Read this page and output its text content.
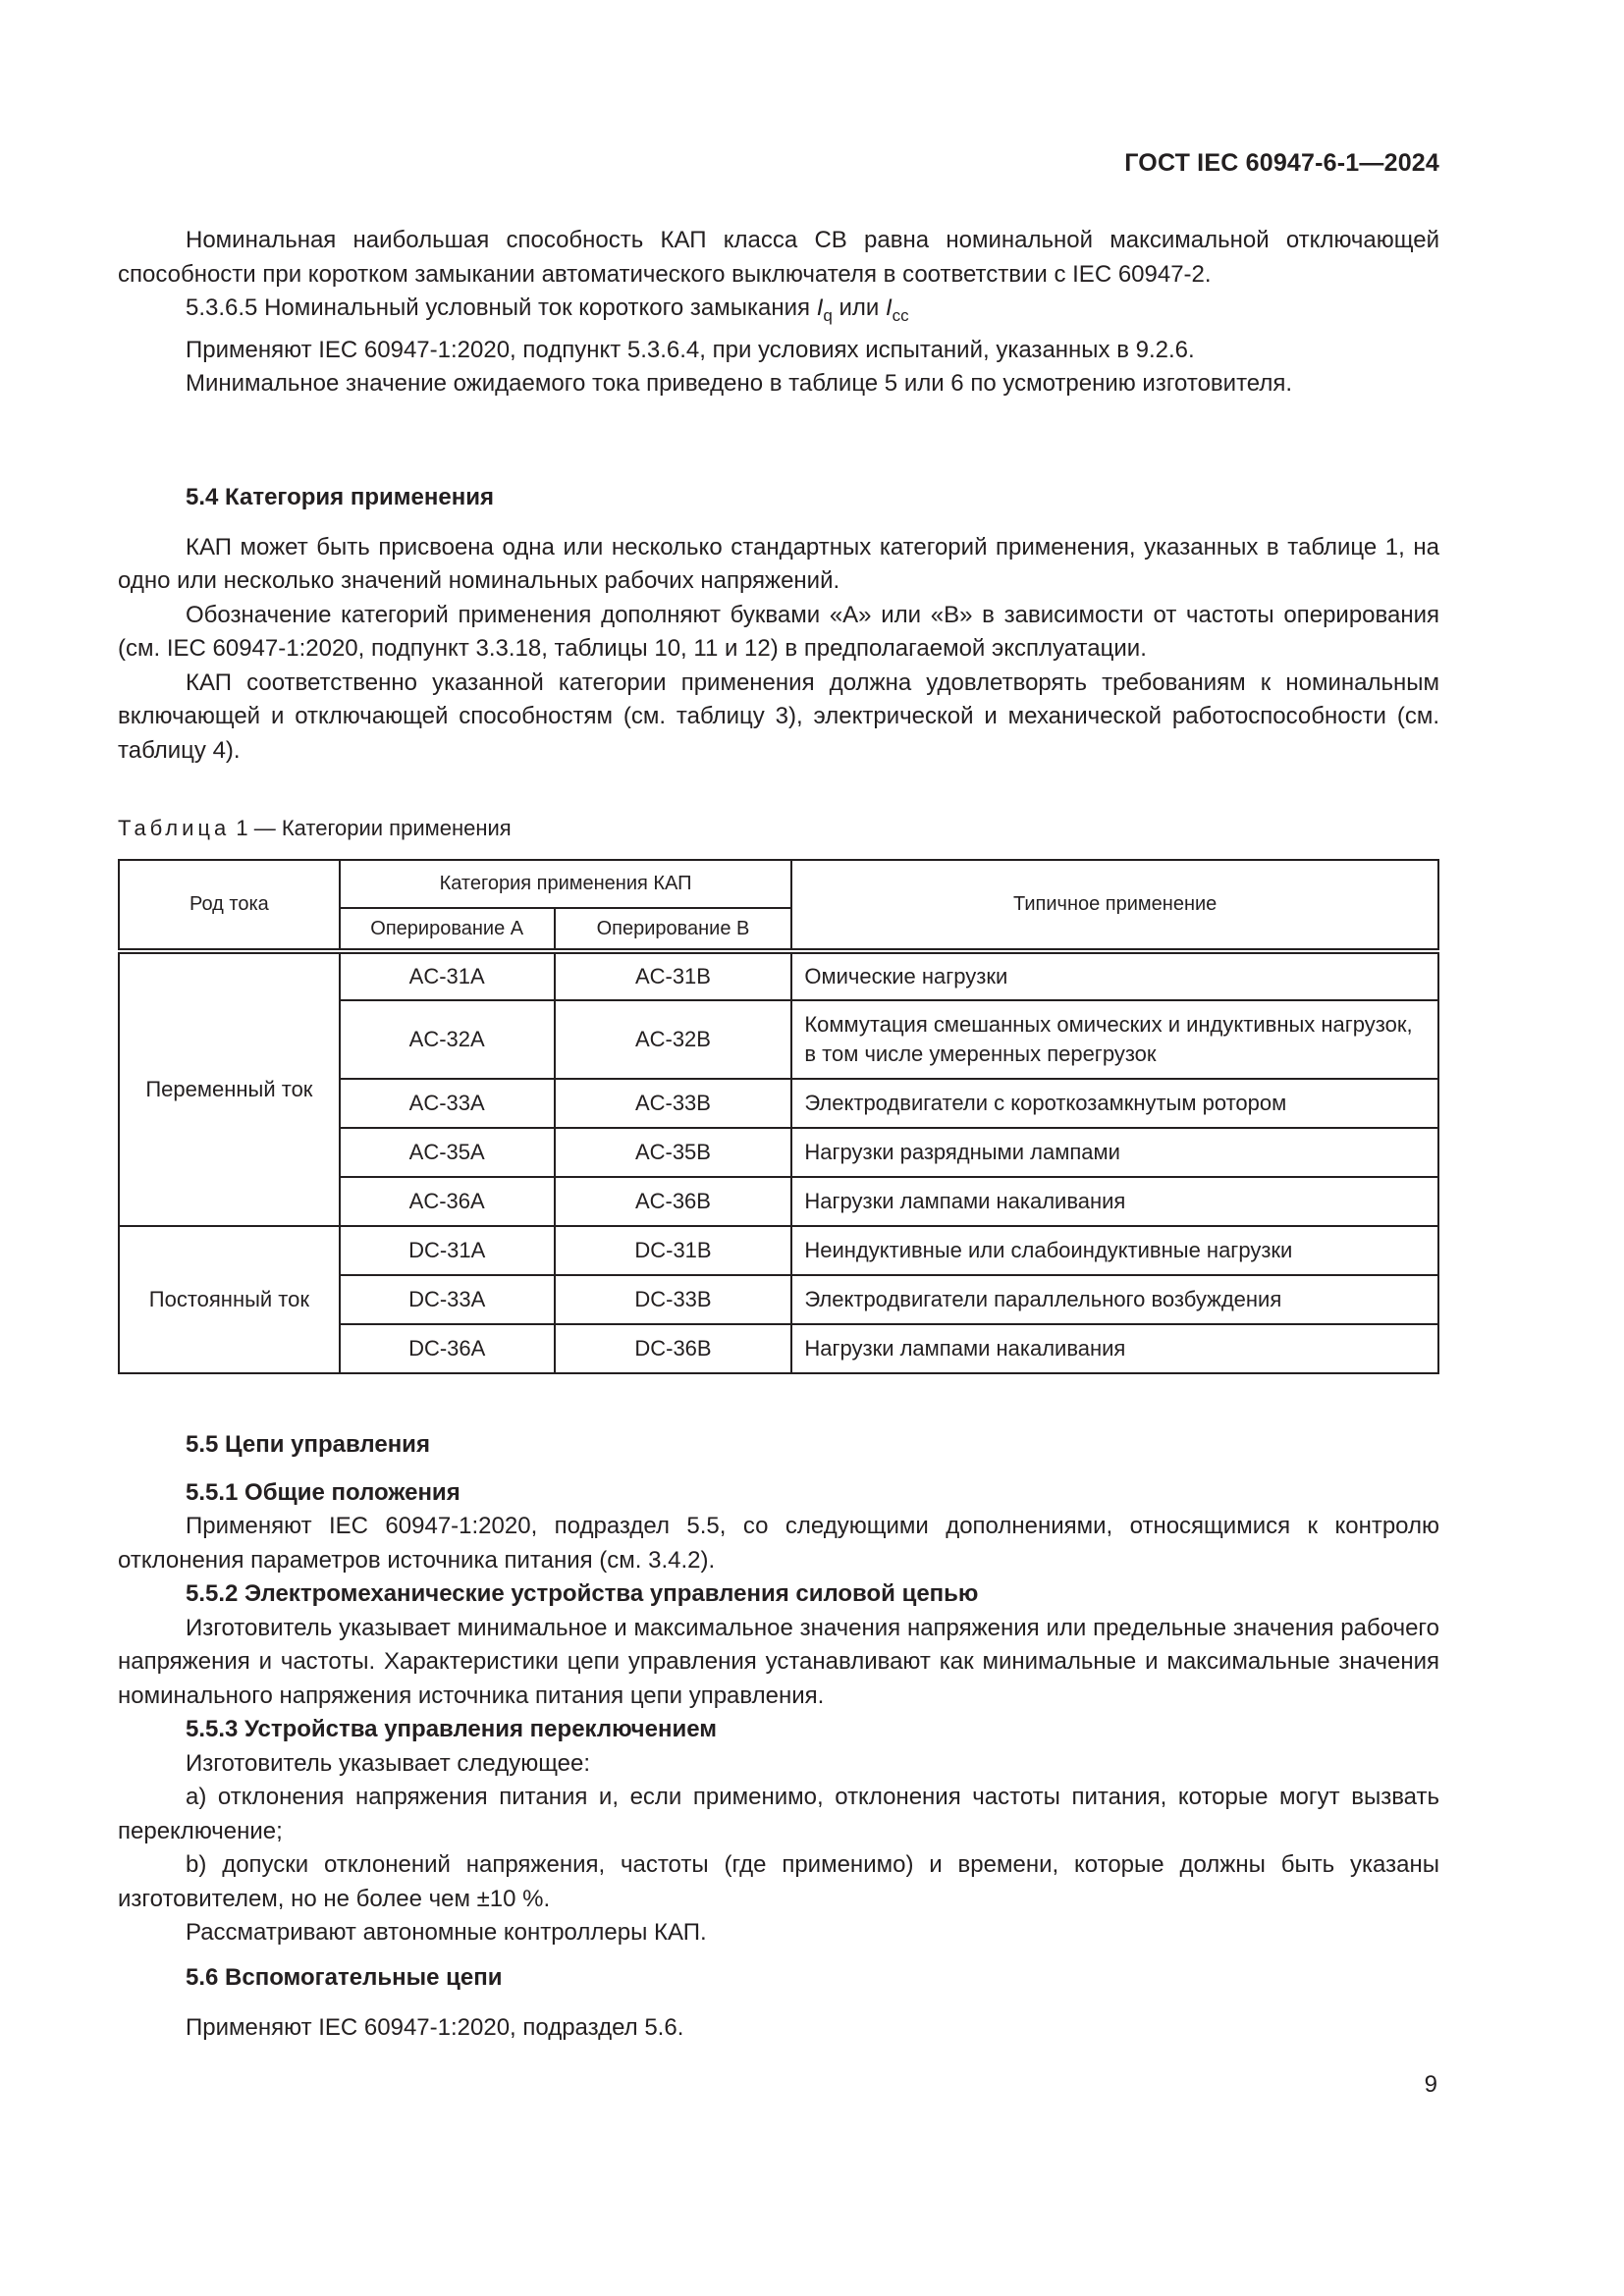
ГОСТ IEC 60947-6-1—2024

Номинальная наибольшая способность КАП класса СВ равна номинальной максимальной отключающей способности при коротком замыкании автоматического выключателя в соответствии с IEC 60947-2.

5.3.6.5 Номинальный условный ток короткого замыкания $I_q$ или $I_{cc}$

Применяют IEC 60947-1:2020, подпункт 5.3.6.4, при условиях испытаний, указанных в 9.2.6.

Минимальное значение ожидаемого тока приведено в таблице 5 или 6 по усмотрению изготовителя.

5.4 Категория применения

КАП может быть присвоена одна или несколько стандартных категорий применения, указанных в таблице 1, на одно или несколько значений номинальных рабочих напряжений.

Обозначение категорий применения дополняют буквами «А» или «В» в зависимости от частоты оперирования (см. IEC 60947-1:2020, подпункт 3.3.18, таблицы 10, 11 и 12) в предполагаемой эксплуатации.

КАП соответственно указанной категории применения должна удовлетворять требованиям к номинальным включающей и отключающей способностям (см. таблицу 3), электрической и механической работоспособности (см. таблицу 4).

Таблица 1 — Категории применения
Род тока	Категория применения КАП		Типичное применение
	Оперирование А	Оперирование В	
Переменный ток	AC-31A	AC-31B	Омические нагрузки
	AC-32A	AC-32B	Коммутация смешанных омических и индуктивных нагрузок, в том числе умеренных перегрузок
	AC-33A	AC-33B	Электродвигатели с короткозамкнутым ротором
	AC-35A	AC-35B	Нагрузки разрядными лампами
	AC-36A	AC-36B	Нагрузки лампами накаливания
Постоянный ток	DC-31A	DC-31B	Неиндуктивные или слабоиндуктивные нагрузки
	DC-33A	DC-33B	Электродвигатели параллельного возбуждения
	DC-36A	DC-36B	Нагрузки лампами накаливания

5.5 Цепи управления

5.5.1 Общие положения

Применяют IEC 60947-1:2020, подраздел 5.5, со следующими дополнениями, относящимися к контролю отклонения параметров источника питания (см. 3.4.2).

5.5.2 Электромеханические устройства управления силовой цепью

Изготовитель указывает минимальное и максимальное значения напряжения или предельные значения рабочего напряжения и частоты. Характеристики цепи управления устанавливают как минимальные и максимальные значения номинального напряжения источника питания цепи управления.

5.5.3 Устройства управления переключением

Изготовитель указывает следующее:

a) отклонения напряжения питания и, если применимо, отклонения частоты питания, которые могут вызвать переключение;

b) допуски отклонений напряжения, частоты (где применимо) и времени, которые должны быть указаны изготовителем, но не более чем ±10 %.

Рассматривают автономные контроллеры КАП.

5.6 Вспомогательные цепи

Применяют IEC 60947-1:2020, подраздел 5.6.

9
